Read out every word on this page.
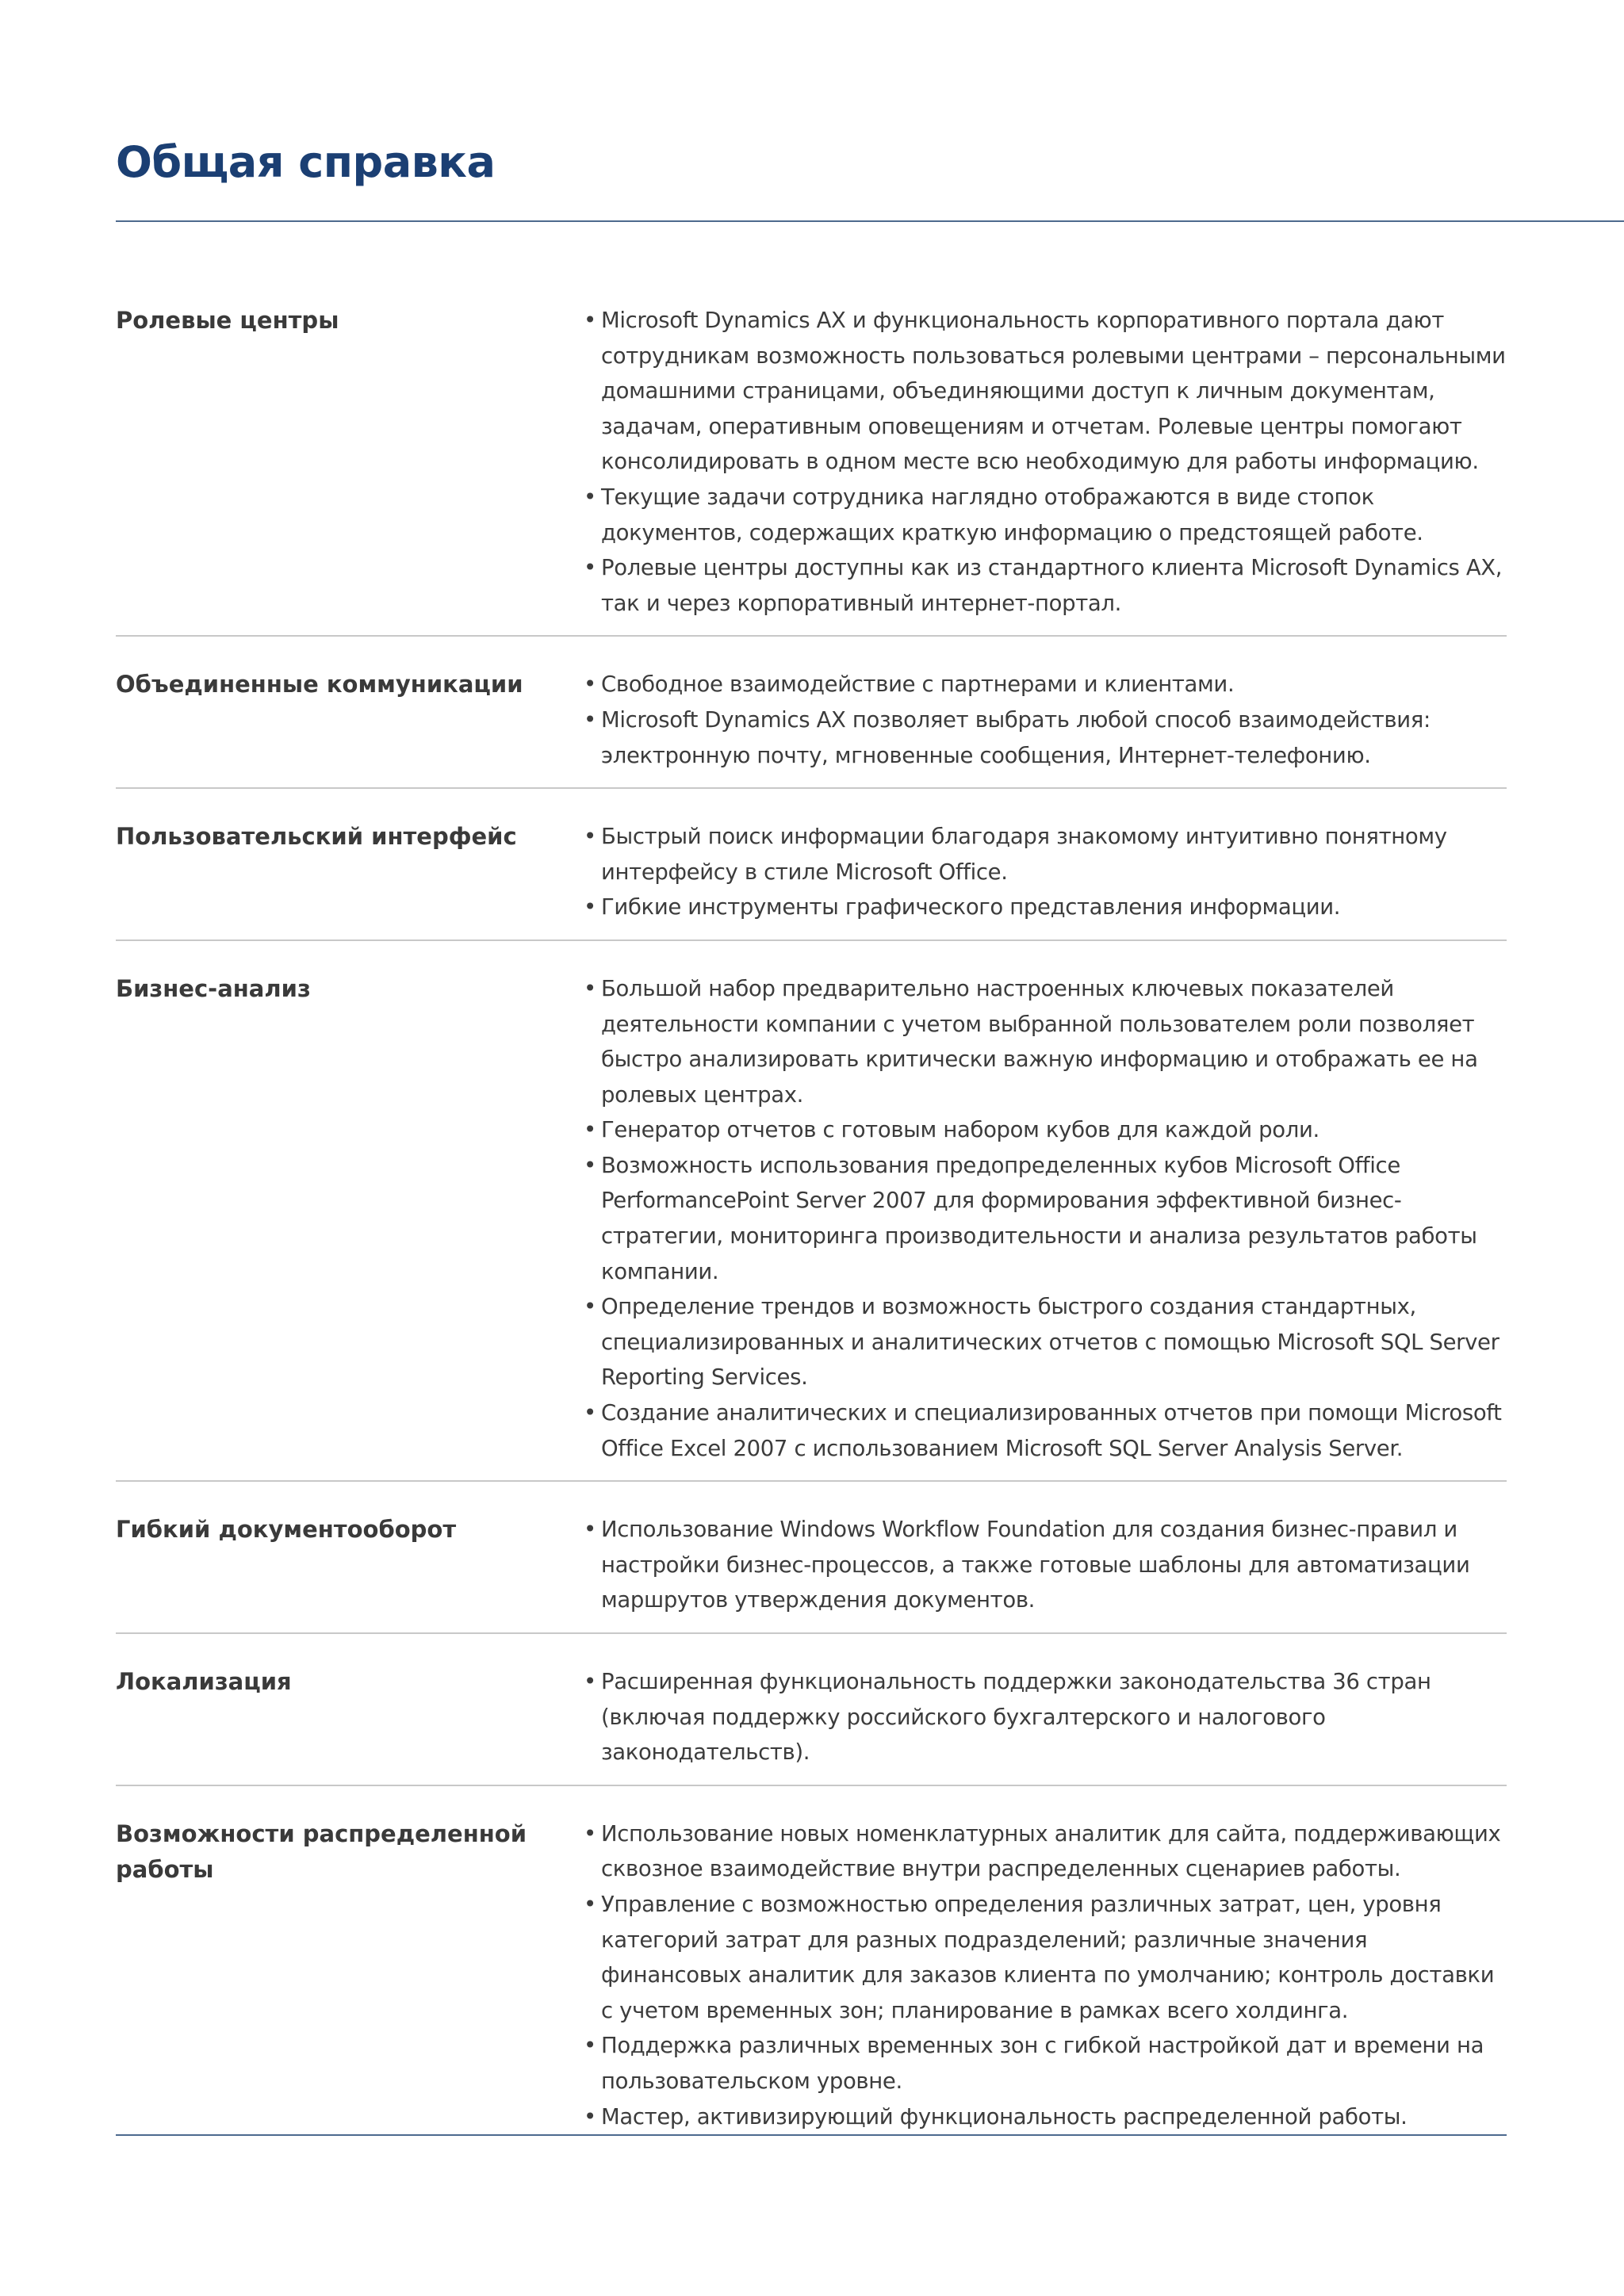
Общая справка
Ролевые центры	• Microsoft Dynamics AX и функциональность корпоративного портала дают сотрудникам возможность пользоваться ролевыми центрами – персональными домашними страницами, объединяющими доступ к личным документам, задачам, оперативным оповещениям и отчетам. Ролевые центры помогают консолидировать в одном месте всю необходимую для работы информацию.
• Текущие задачи сотрудника наглядно отображаются в виде стопок документов, содержащих краткую информацию о предстоящей работе.
• Ролевые центры доступны как из стандартного клиента Microsoft Dynamics AX, так и через корпоративный интернет-портал.
Объединенные коммуникации	• Свободное взаимодействие с партнерами и клиентами.
• Microsoft Dynamics AX позволяет выбрать любой способ взаимодействия: электронную почту, мгновенные сообщения, Интернет-телефонию.
Пользовательский интерфейс	• Быстрый поиск информации благодаря знакомому интуитивно понятному интерфейсу в стиле Microsoft Office.
• Гибкие инструменты графического представления информации.
Бизнес-анализ	• Большой набор предварительно настроенных ключевых показателей деятельности компании с учетом выбранной пользователем роли позволяет быстро анализировать критически важную информацию и отображать ее на ролевых центрах.
• Генератор отчетов с готовым набором кубов для каждой роли.
• Возможность использования предопределенных кубов Microsoft Office PerformancePoint Server 2007 для формирования эффективной бизнес-стратегии, мониторинга производительности и анализа результатов работы компании.
• Определение трендов и возможность быстрого создания стандартных, специализированных и аналитических отчетов с помощью Microsoft SQL Server Reporting Services.
• Создание аналитических и специализированных отчетов при помощи Microsoft Office Excel 2007 с использованием Microsoft SQL Server Analysis Server.
Гибкий документооборот	• Использование Windows Workflow Foundation для создания бизнес-правил и настройки бизнес-процессов, а также готовые шаблоны для автоматизации маршрутов утверждения документов.
Локализация	• Расширенная функциональность поддержки законодательства 36 стран (включая поддержку российского бухгалтерского и налогового законодательств).
Возможности распределенной работы
• Использование новых номенклатурных аналитик для сайта, поддерживающих сквозное взаимодействие внутри распределенных сценариев работы.
• Управление с возможностью определения различных затрат, цен, уровня категорий затрат для разных подразделений; различные значения финансовых аналитик для заказов клиента по умолчанию; контроль доставки с учетом временных зон; планирование в рамках всего холдинга.
• Поддержка различных временных зон с гибкой настройкой дат и времени на пользовательском уровне.
• Мастер, активизирующий функциональность распределенной работы.
